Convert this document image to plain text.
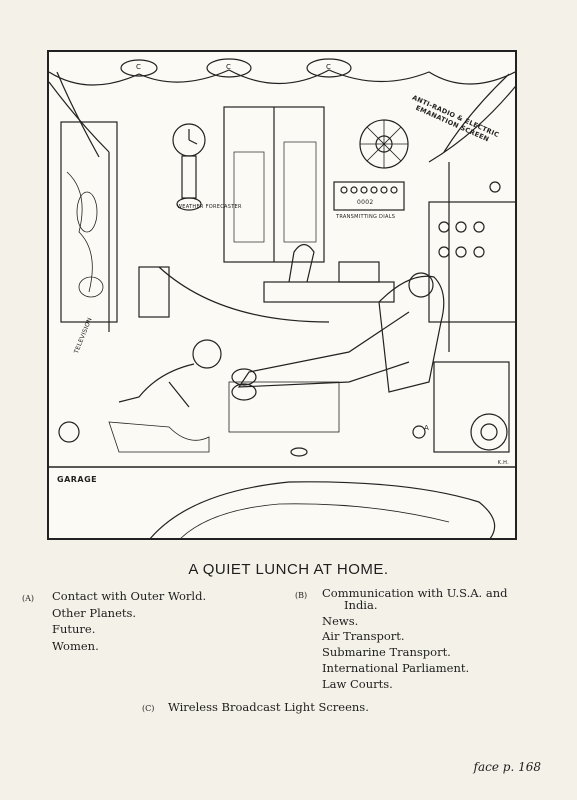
GARAGE
TELEVISION
ANTI-RADIO & ELECTRIC EMANATION SCREEN
WEATHER FORECASTER
TRANSMITTING DIALS
0002
A
C	C	C
K.H.
A QUIET LUNCH AT HOME.
(A) Contact with Outer World.
Other Planets.
Future.
Women.
(B) Communication with U.S.A. and
India.
News.
Air Transport.
Submarine Transport.
International Parliament.
Law Courts.
(C) Wireless Broadcast Light Screens.
face p. 168
